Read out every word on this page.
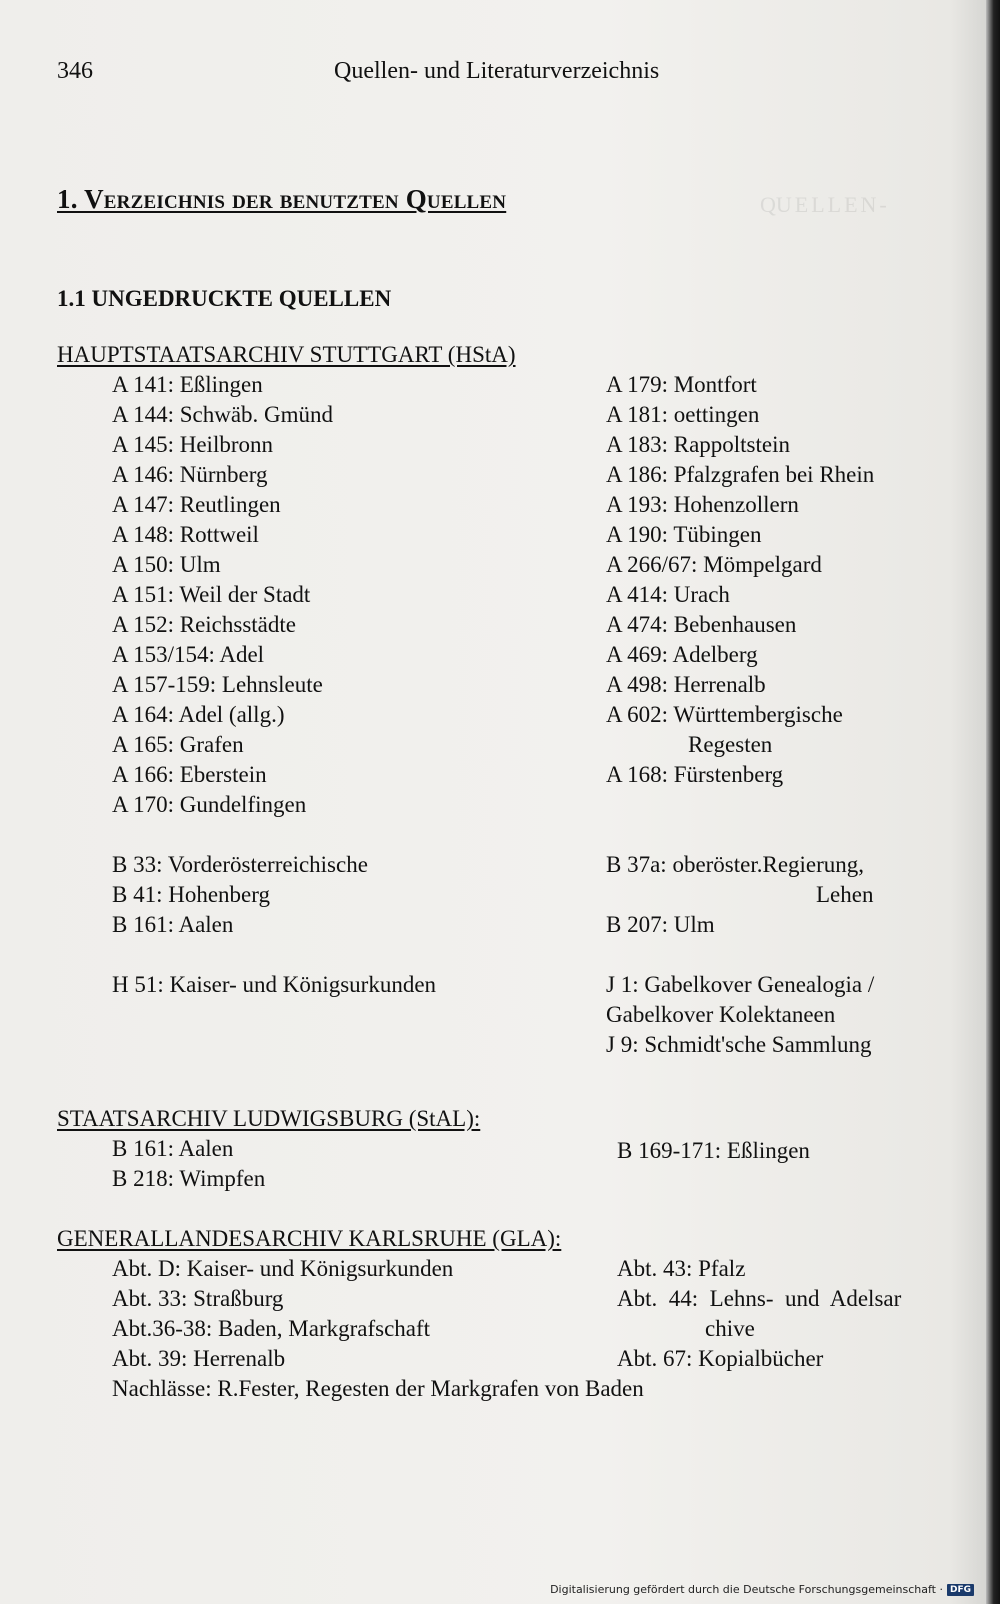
QUELLEN-
346	Quellen- und Literaturverzeichnis
1. Verzeichnis der benutzten Quellen
1.1 UNGEDRUCKTE QUELLEN
HAUPTSTAATSARCHIV STUTTGART (HStA)
A 141: Eßlingen
A 144: Schwäb. Gmünd
A 145: Heilbronn
A 146: Nürnberg
A 147: Reutlingen
A 148: Rottweil
A 150: Ulm
A 151: Weil der Stadt
A 152: Reichsstädte
A 153/154: Adel
A 157-159: Lehnsleute
A 164: Adel (allg.)
A 165: Grafen
A 166: Eberstein
A 170: Gundelfingen
B 33: Vorderösterreichische
B 41: Hohenberg
B 161: Aalen
H 51: Kaiser- und Königsurkunden
A 179: Montfort
A 181: oettingen
A 183: Rappoltstein
A 186: Pfalzgrafen bei Rhein
A 193: Hohenzollern
A 190: Tübingen
A 266/67: Mömpelgard
A 414: Urach
A 474: Bebenhausen
A 469: Adelberg
A 498: Herrenalb
A 602: Württembergische
Regesten
A 168: Fürstenberg
B 37a: oberöster.Regierung,
Lehen
B 207: Ulm
J 1: Gabelkover Genealogia /
Gabelkover Kolektaneen
J 9: Schmidt'sche Sammlung
STAATSARCHIV LUDWIGSBURG (StAL):
B 161: Aalen
B 218: Wimpfen
B 169-171: Eßlingen
GENERALLANDESARCHIV KARLSRUHE (GLA):
Abt. D: Kaiser- und Königsurkunden
Abt. 33: Straßburg
Abt.36-38: Baden, Markgrafschaft
Abt. 39: Herrenalb
Nachlässe: R.Fester, Regesten der Markgrafen von Baden
Abt. 43: Pfalz
Abt.  44:  Lehns-  und  Adelsar
chive
Abt. 67: Kopialbücher
Digitalisierung gefördert durch die Deutsche Forschungsgemeinschaft · DFG
